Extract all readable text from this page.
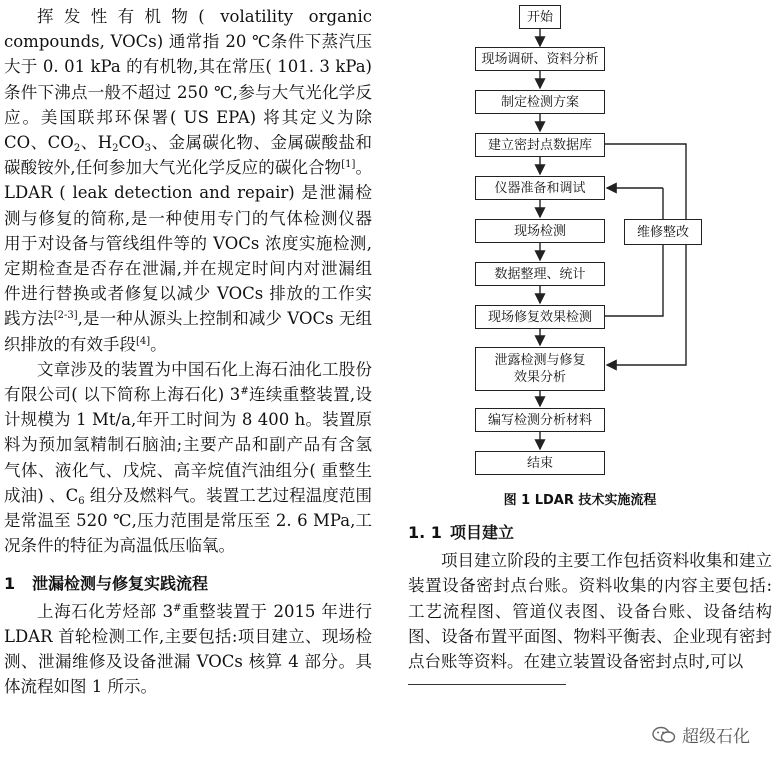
挥发性有机物( volatility organic compounds, VOCs) 通常指 20 ℃条件下蒸汽压大于 0. 01 kPa 的有机物,其在常压( 101. 3 kPa) 条件下沸点一般不超过 250 ℃,参与大气光化学反应。美国联邦环保署( US EPA) 将其定义为除 CO、$CO_2$、$H_2CO_3$、金属碳化物、金属碳酸盐和碳酸铵外,任何参加大气光化学反应的碳化合物[1]。LDAR ( leak detection and repair) 是泄漏检测与修复的简称,是一种使用专门的气体检测仪器用于对设备与管线组件等的 VOCs 浓度实施检测,定期检查是否存在泄漏,并在规定时间内对泄漏组件进行替换或者修复以减少 VOCs 排放的工作实践方法[2-3],是一种从源头上控制和减少 VOCs 无组织排放的有效手段[4]。

文章涉及的装置为中国石化上海石油化工股份有限公司( 以下简称上海石化) 3#连续重整装置,设计规模为 1 Mt/a,年开工时间为 8 400 h。装置原料为预加氢精制石脑油;主要产品和副产品有含氢气体、液化气、戊烷、高辛烷值汽油组分( 重整生成油) 、$C_6$ 组分及燃料气。装置工艺过程温度范围是常温至 520 ℃,压力范围是常压至 2. 6 MPa,工况条件的特征为高温低压临氧。

1 泄漏检测与修复实践流程

上海石化芳烃部 3#重整装置于 2015 年进行 LDAR 首轮检测工作,主要包括:项目建立、现场检测、泄漏维修及设备泄漏 VOCs 核算 4 部分。具体流程如图 1 所示。

开始
现场调研、资料分析
制定检测方案
建立密封点数据库
仪器准备和调试
现场检测
数据整理、统计
现场修复效果检测
泄露检测与修复
效果分析
编写检测分析材料
结束
维修整改
图 1 LDAR 技术实施流程

1. 1 项目建立

项目建立阶段的主要工作包括资料收集和建立装置设备密封点台账。资料收集的内容主要包括:工艺流程图、管道仪表图、设备台账、设备结构图、设备布置平面图、物料平衡表、企业现有密封点台账等资料。在建立装置设备密封点时,可以

超级石化
